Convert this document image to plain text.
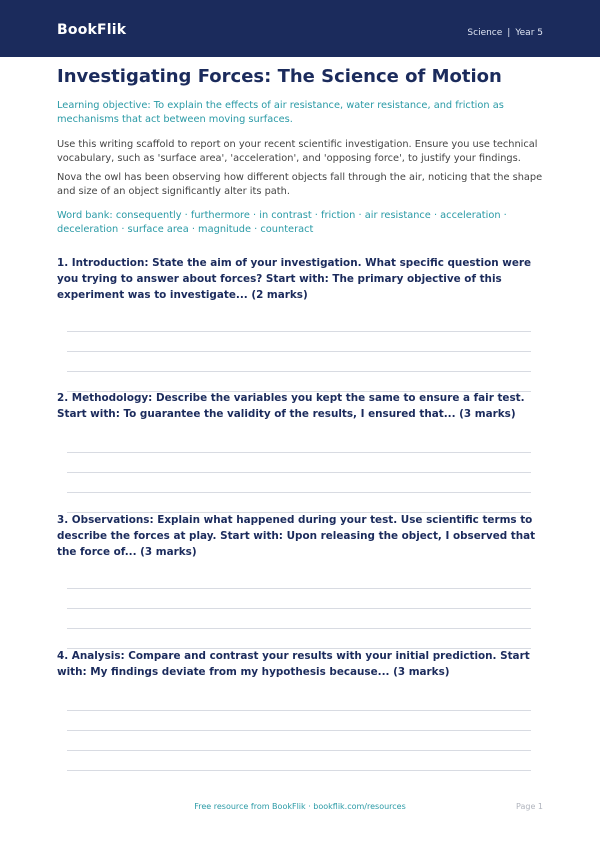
BookFlik	Science | Year 5
Investigating Forces: The Science of Motion
Learning objective: To explain the effects of air resistance, water resistance, and friction as mechanisms that act between moving surfaces.
Use this writing scaffold to report on your recent scientific investigation. Ensure you use technical vocabulary, such as 'surface area', 'acceleration', and 'opposing force', to justify your findings.
Nova the owl has been observing how different objects fall through the air, noticing that the shape and size of an object significantly alter its path.
Word bank: consequently · furthermore · in contrast · friction · air resistance · acceleration · deceleration · surface area · magnitude · counteract
1. Introduction: State the aim of your investigation. What specific question were you trying to answer about forces? Start with: The primary objective of this experiment was to investigate... (2 marks)
2. Methodology: Describe the variables you kept the same to ensure a fair test. Start with: To guarantee the validity of the results, I ensured that... (3 marks)
3. Observations: Explain what happened during your test. Use scientific terms to describe the forces at play. Start with: Upon releasing the object, I observed that the force of... (3 marks)
4. Analysis: Compare and contrast your results with your initial prediction. Start with: My findings deviate from my hypothesis because... (3 marks)
Free resource from BookFlik · bookflik.com/resources	Page 1
